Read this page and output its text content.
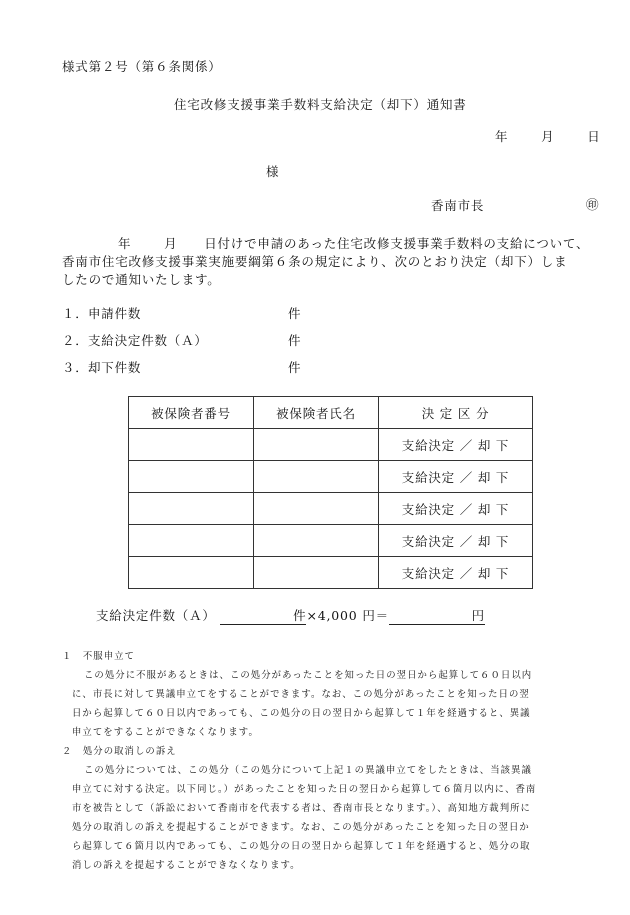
様式第２号（第６条関係）
住宅改修支援事業手数料支給決定（却下）通知書
年	月	日
様
香南市長	㊞
年	月 日付けで申請のあった住宅改修支援事業手数料の支給について、
香南市住宅改修支援事業実施要綱第６条の規定により、次のとおり決定（却下）しま
したので通知いたします。
１．申請件数	件
２．支給決定件数（Ａ）	件
３．却下件数	件
被保険者番号	被保険者氏名	決 定 区 分
		支給決定 ／ 却 下
		支給決定 ／ 却 下
		支給決定 ／ 却 下
		支給決定 ／ 却 下
		支給決定 ／ 却 下
支給決定件数（Ａ）	件×4,000 円＝	円
１　不服申立て
この処分に不服があるときは、この処分があったことを知った日の翌日から起算して６０日以内
に、市長に対して異議申立てをすることができます。なお、この処分があったことを知った日の翌
日から起算して６０日以内であっても、この処分の日の翌日から起算して１年を経過すると、異議
申立てをすることができなくなります。
２　処分の取消しの訴え
この処分については、この処分（この処分について上記１の異議申立てをしたときは、当該異議
申立てに対する決定。以下同じ。）があったことを知った日の翌日から起算して６箇月以内に、香南
市を被告として（訴訟において香南市を代表する者は、香南市長となります。）、高知地方裁判所に
処分の取消しの訴えを提起することができます。なお、この処分があったことを知った日の翌日か
ら起算して６箇月以内であっても、この処分の日の翌日から起算して１年を経過すると、処分の取
消しの訴えを提起することができなくなります。
